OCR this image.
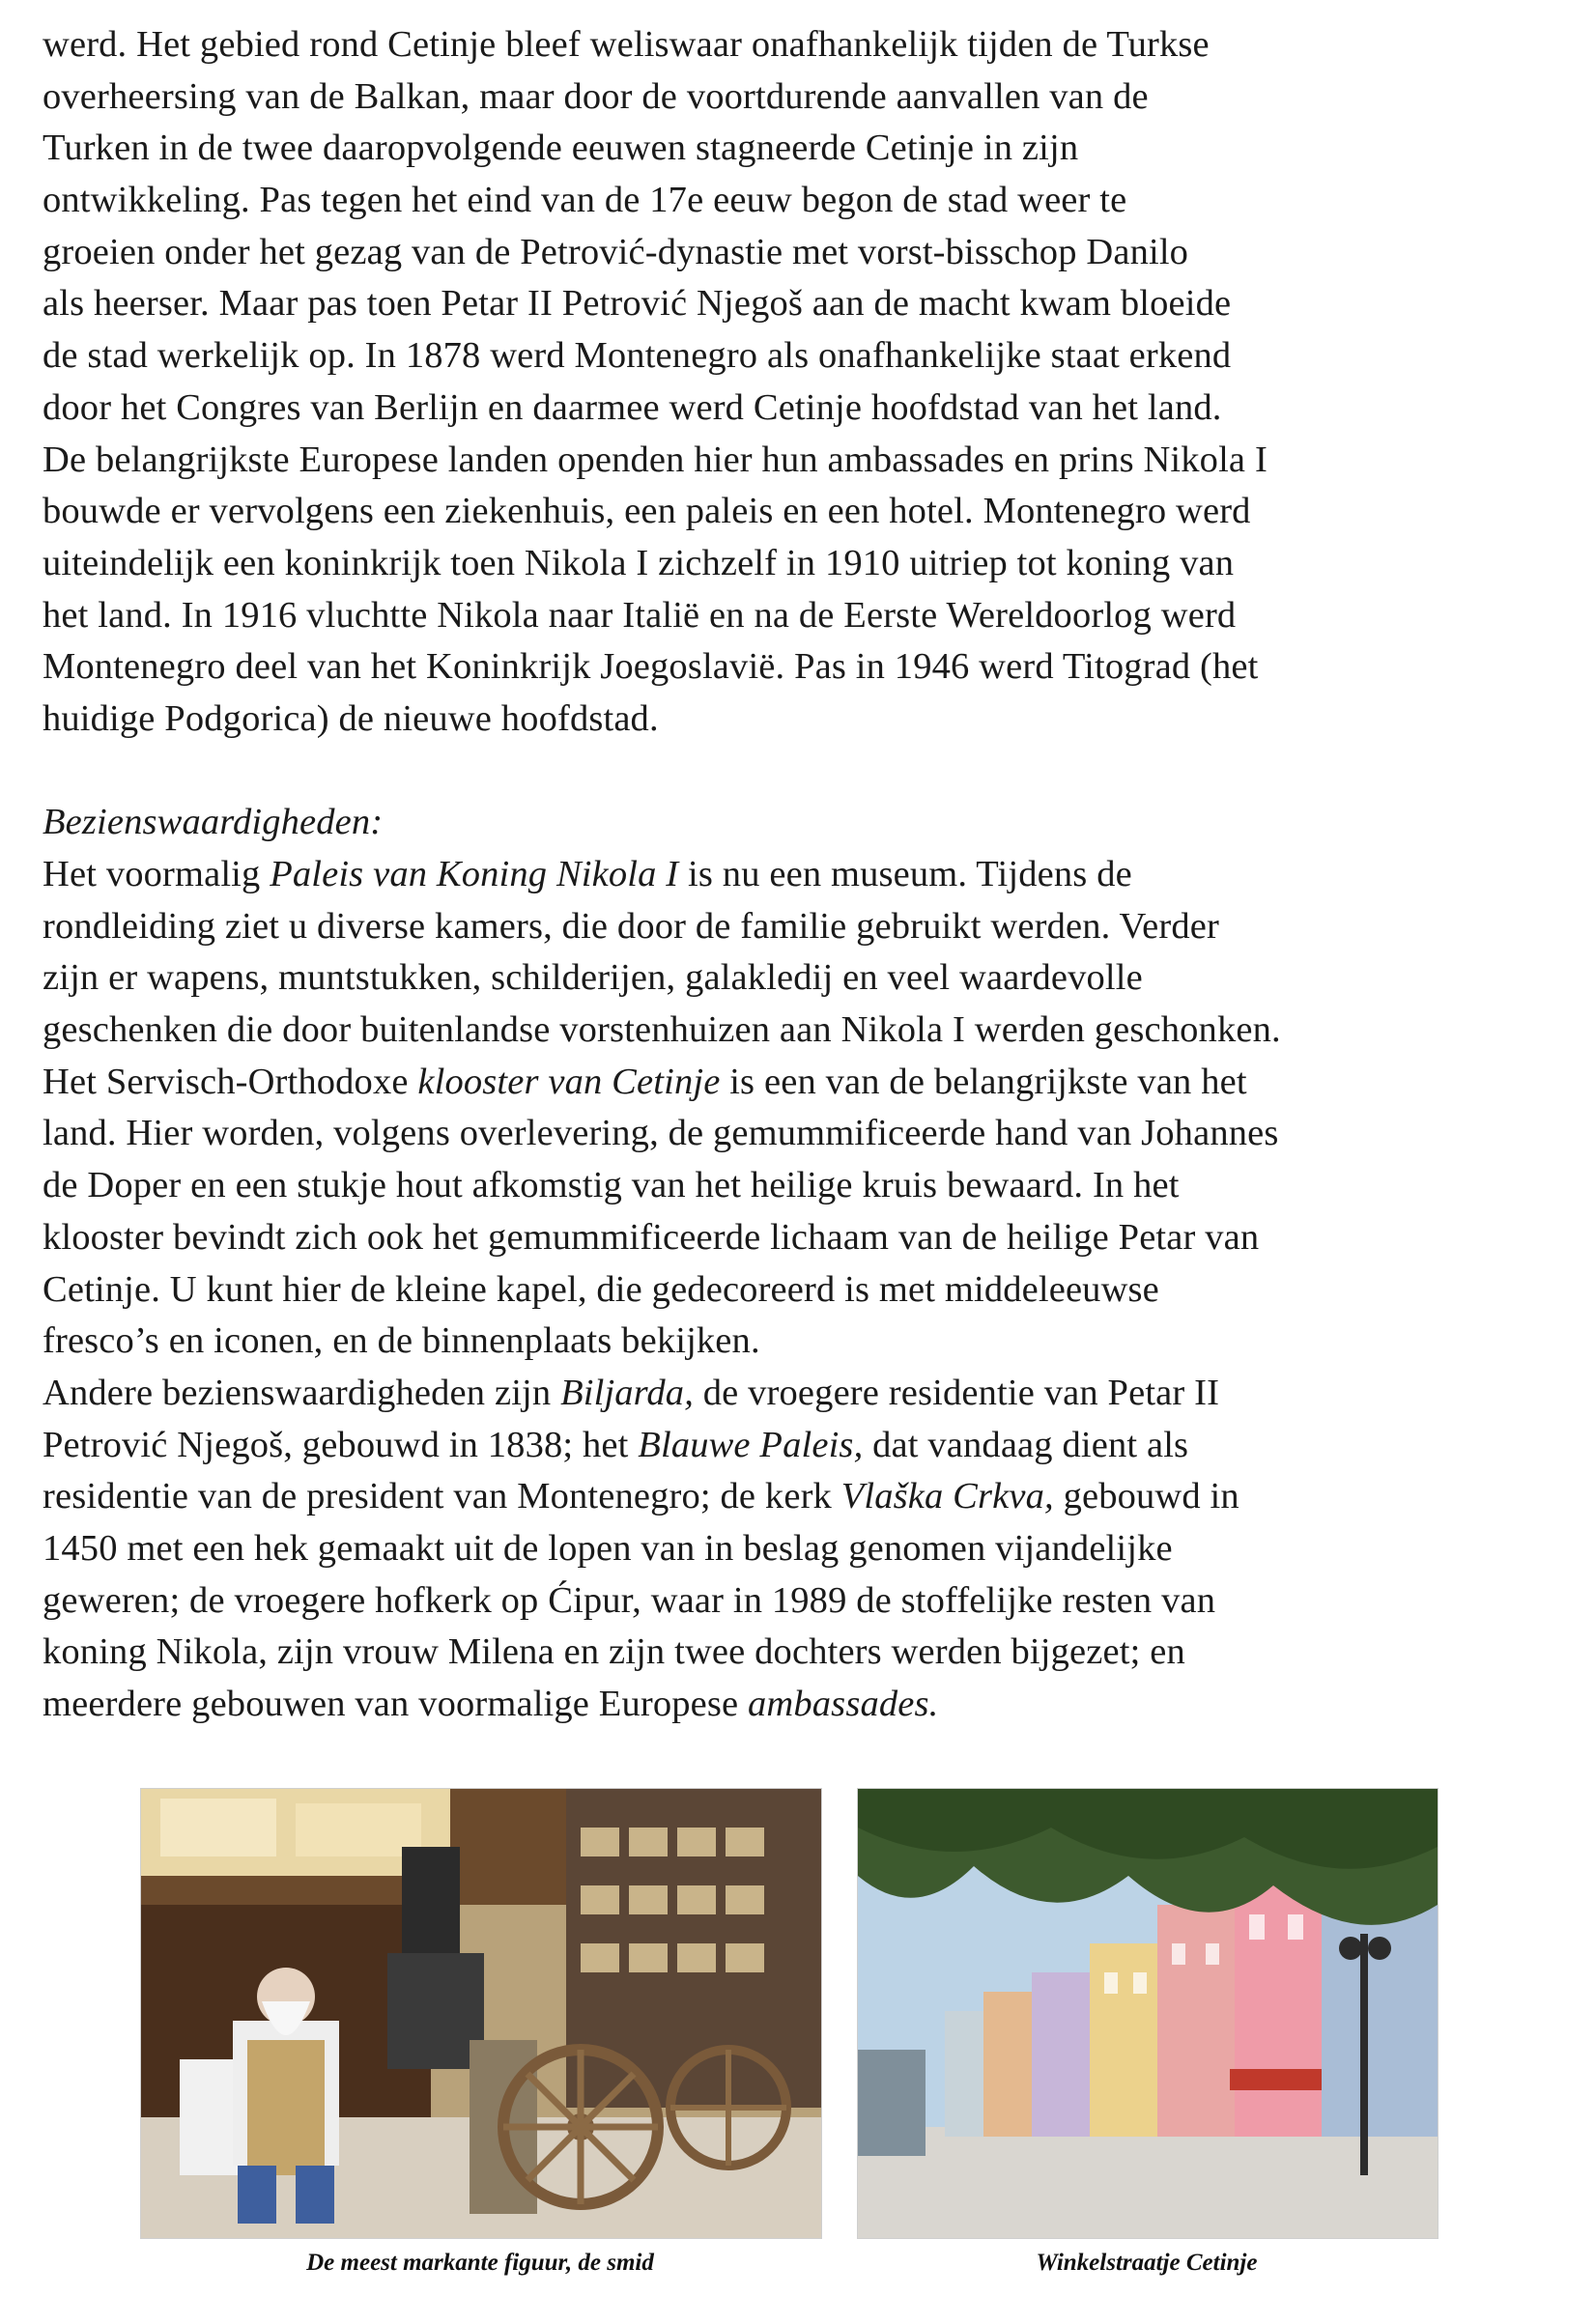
werd. Het gebied rond Cetinje bleef weliswaar onafhankelijk tijden de Turkse
overheersing van de Balkan, maar door de voortdurende aanvallen van de
Turken in de twee daaropvolgende eeuwen stagneerde Cetinje in zijn
ontwikkeling. Pas tegen het eind van de 17e eeuw begon de stad weer te
groeien onder het gezag van de Petrović-dynastie met vorst-bisschop Danilo
als heerser. Maar pas toen Petar II Petrović Njegoš aan de macht kwam bloeide
de stad werkelijk op. In 1878 werd Montenegro als onafhankelijke staat erkend
door het Congres van Berlijn en daarmee werd Cetinje hoofdstad van het land.
De belangrijkste Europese landen openden hier hun ambassades en prins Nikola I
bouwde er vervolgens een ziekenhuis, een paleis en een hotel. Montenegro werd
uiteindelijk een koninkrijk toen Nikola I zichzelf in 1910 uitriep tot koning van
het land. In 1916 vluchtte Nikola naar Italië en na de Eerste Wereldoorlog werd
Montenegro deel van het Koninkrijk Joegoslavië. Pas in 1946 werd Titograd (het
huidige Podgorica) de nieuwe hoofdstad.
Bezienswaardigheden:
Het voormalig Paleis van Koning Nikola I is nu een museum. Tijdens de
rondleiding ziet u diverse kamers, die door de familie gebruikt werden. Verder
zijn er wapens, muntstukken, schilderijen, galakledij en veel waardevolle
geschenken die door buitenlandse vorstenhuizen aan Nikola I werden geschonken.
Het Servisch-Orthodoxe klooster van Cetinje is een van de belangrijkste van het
land. Hier worden, volgens overlevering, de gemummificeerde hand van Johannes
de Doper en een stukje hout afkomstig van het heilige kruis bewaard. In het
klooster bevindt zich ook het gemummificeerde lichaam van de heilige Petar van
Cetinje. U kunt hier de kleine kapel, die gedecoreerd is met middeleeuwse
fresco’s en iconen, en de binnenplaats bekijken.
Andere bezienswaardigheden zijn Biljarda, de vroegere residentie van Petar II
Petrović Njegoš, gebouwd in 1838; het Blauwe Paleis, dat vandaag dient als
residentie van de president van Montenegro; de kerk Vlaška Crkva, gebouwd in
1450 met een hek gemaakt uit de lopen van in beslag genomen vijandelijke
geweren; de vroegere hofkerk op Ćipur, waar in 1989 de stoffelijke resten van
koning Nikola, zijn vrouw Milena en zijn twee dochters werden bijgezet; en
meerdere gebouwen van voormalige Europese ambassades.
De meest markante figuur, de smid	Winkelstraatje Cetinje
